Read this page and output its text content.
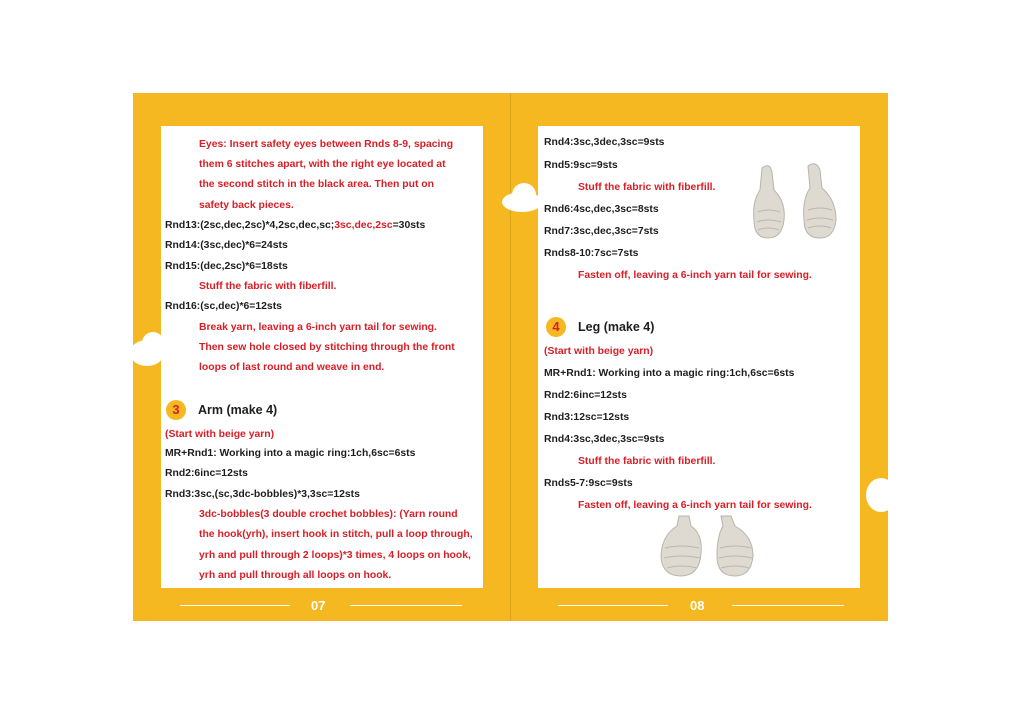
Eyes: Insert safety eyes between Rnds 8-9, spacing
them 6 stitches apart, with the right eye located at
the second stitch in the black area. Then put on
safety back pieces.
Rnd13:(2sc,dec,2sc)*4,2sc,dec,sc;3sc,dec,2sc=30sts
Rnd14:(3sc,dec)*6=24sts
Rnd15:(dec,2sc)*6=18sts
Stuff the fabric with fiberfill.
Rnd16:(sc,dec)*6=12sts
Break yarn, leaving a 6-inch yarn tail for sewing.
Then sew hole closed by stitching through the front
loops of last round and weave in end.
3	Arm (make 4)
(Start with beige yarn)
MR+Rnd1: Working into a magic ring:1ch,6sc=6sts
Rnd2:6inc=12sts
Rnd3:3sc,(sc,3dc-bobbles)*3,3sc=12sts
3dc-bobbles(3 double crochet bobbles): (Yarn round
the hook(yrh), insert hook in stitch, pull a loop through,
yrh and pull through 2 loops)*3 times, 4 loops on hook,
yrh and pull through all loops on hook.
07
Rnd4:3sc,3dec,3sc=9sts
Rnd5:9sc=9sts
Stuff the fabric with fiberfill.
Rnd6:4sc,dec,3sc=8sts
Rnd7:3sc,dec,3sc=7sts
Rnds8-10:7sc=7sts
Fasten off, leaving a 6-inch yarn tail for sewing.
4	Leg (make 4)
(Start with beige yarn)
MR+Rnd1: Working into a magic ring:1ch,6sc=6sts
Rnd2:6inc=12sts
Rnd3:12sc=12sts
Rnd4:3sc,3dec,3sc=9sts
Stuff the fabric with fiberfill.
Rnds5-7:9sc=9sts
Fasten off, leaving a 6-inch yarn tail for sewing.
08
